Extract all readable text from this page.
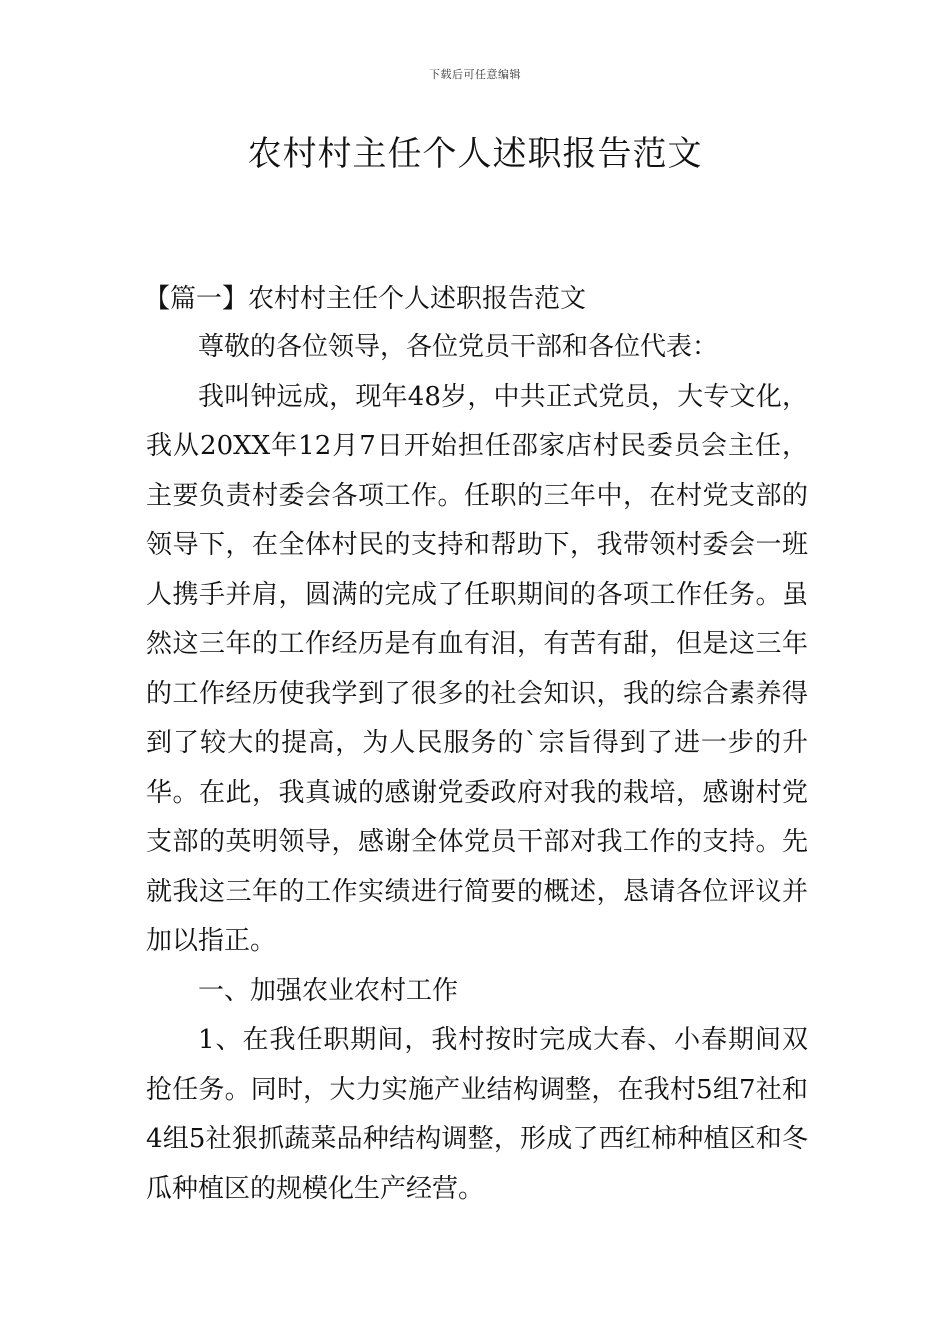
下载后可任意编辑
农村村主任个人述职报告范文
【篇一】农村村主任个人述职报告范文

尊敬的各位领导，各位党员干部和各位代表：

我叫钟远成，现年48岁，中共正式党员，大专文化，我从20XX年12月7日开始担任邵家店村民委员会主任，主要负责村委会各项工作。任职的三年中，在村党支部的领导下，在全体村民的支持和帮助下，我带领村委会一班人携手并肩，圆满的完成了任职期间的各项工作任务。虽然这三年的工作经历是有血有泪，有苦有甜，但是这三年的工作经历使我学到了很多的社会知识，我的综合素养得到了较大的提高，为人民服务的`宗旨得到了进一步的升华。在此，我真诚的感谢党委政府对我的栽培，感谢村党支部的英明领导，感谢全体党员干部对我工作的支持。先就我这三年的工作实绩进行简要的概述，恳请各位评议并加以指正。

一、加强农业农村工作

1、在我任职期间，我村按时完成大春、小春期间双抢任务。同时，大力实施产业结构调整，在我村5组7社和4组5社狠抓蔬菜品种结构调整，形成了西红柿种植区和冬瓜种植区的规模化生产经营。
